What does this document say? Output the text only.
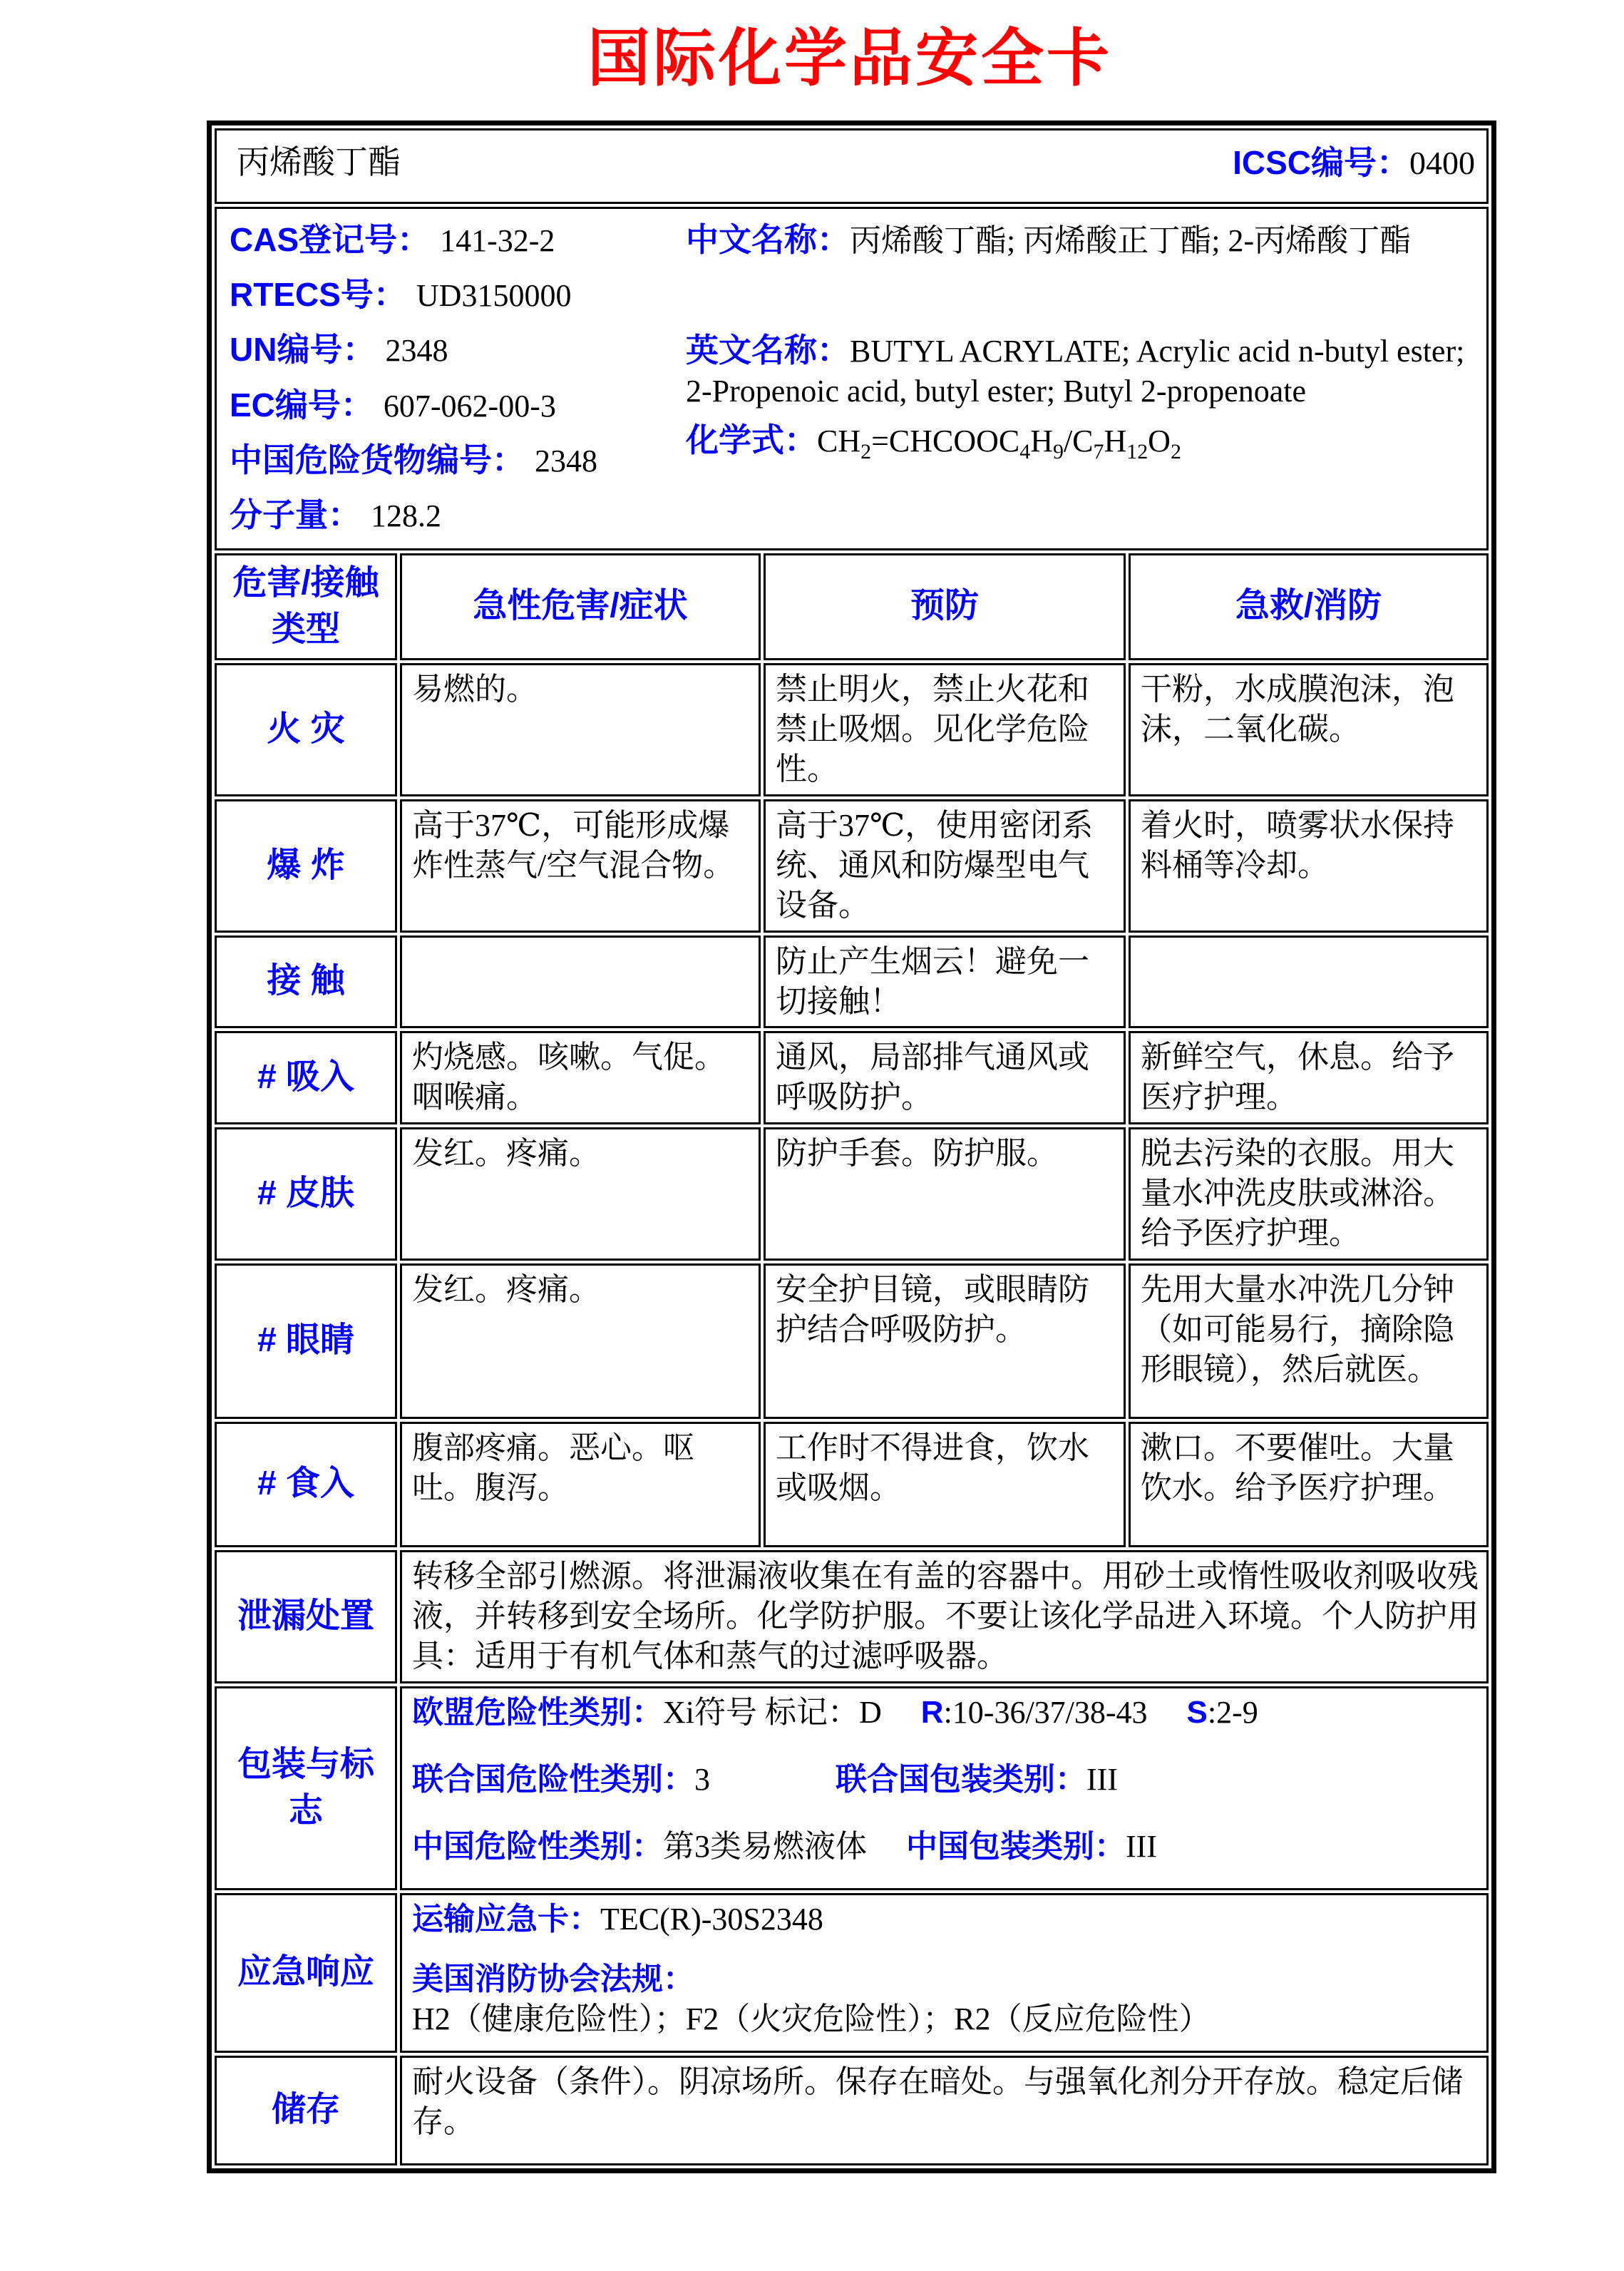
国际化学品安全卡
丙烯酸丁酯 ICSC编号：0400			

CAS登记号： 141-32-2
RTECS号： UD3150000
UN编号： 2348
EC编号： 607-062-00-3
中国危险货物编号： 2348
分子量： 128.2

中文名称：丙烯酸丁酯; 丙烯酸正丁酯; 2-丙烯酸丁酯

英文名称：BUTYL ACRYLATE; Acrylic acid n-butyl ester; 2-Propenoic acid, butyl ester; Butyl 2-propenoate

化学式：$CH_2=CHCOOC_4H_9/C_7H_{12}O_2$

危害/接触类型	急性危害/症状	预防	急救/消防
火 灾	易燃的。	禁止明火，禁止火花和禁止吸烟。见化学危险性。	干粉，水成膜泡沫，泡沫，二氧化碳。
爆 炸	高于37℃，可能形成爆炸性蒸气/空气混合物。	高于37℃，使用密闭系统、通风和防爆型电气设备。	着火时，喷雾状水保持料桶等冷却。
接 触		防止产生烟云！避免一切接触！	
# 吸入	灼烧感。咳嗽。气促。咽喉痛。	通风，局部排气通风或呼吸防护。	新鲜空气，休息。给予医疗护理。
# 皮肤	发红。疼痛。	防护手套。防护服。	脱去污染的衣服。用大量水冲洗皮肤或淋浴。给予医疗护理。
# 眼睛	发红。疼痛。	安全护目镜，或眼睛防护结合呼吸防护。	先用大量水冲洗几分钟（如可能易行，摘除隐形眼镜），然后就医。
# 食入	腹部疼痛。恶心。呕吐。腹泻。	工作时不得进食，饮水或吸烟。	漱口。不要催吐。大量饮水。给予医疗护理。
泄漏处置	转移全部引燃源。将泄漏液收集在有盖的容器中。用砂土或惰性吸收剂吸收残液，并转移到安全场所。化学防护服。不要让该化学品进入环境。个人防护用具：适用于有机气体和蒸气的过滤呼吸器。		

包装与标志	欧盟危险性类别：Xi符号 标记：D　 R:10-36/37/38-43　 S:2-9

联合国危险性类别：3　　　　联合国包装类别：III

中国危险性类别：第3类易燃液体　 中国包装类别：III		

应急响应	运输应急卡：TEC(R)-30S2348

美国消防协会法规：H2（健康危险性）；F2（火灾危险性）；R2（反应危险性）		

储存	耐火设备（条件）。阴凉场所。保存在暗处。与强氧化剂分开存放。稳定后储存。		
